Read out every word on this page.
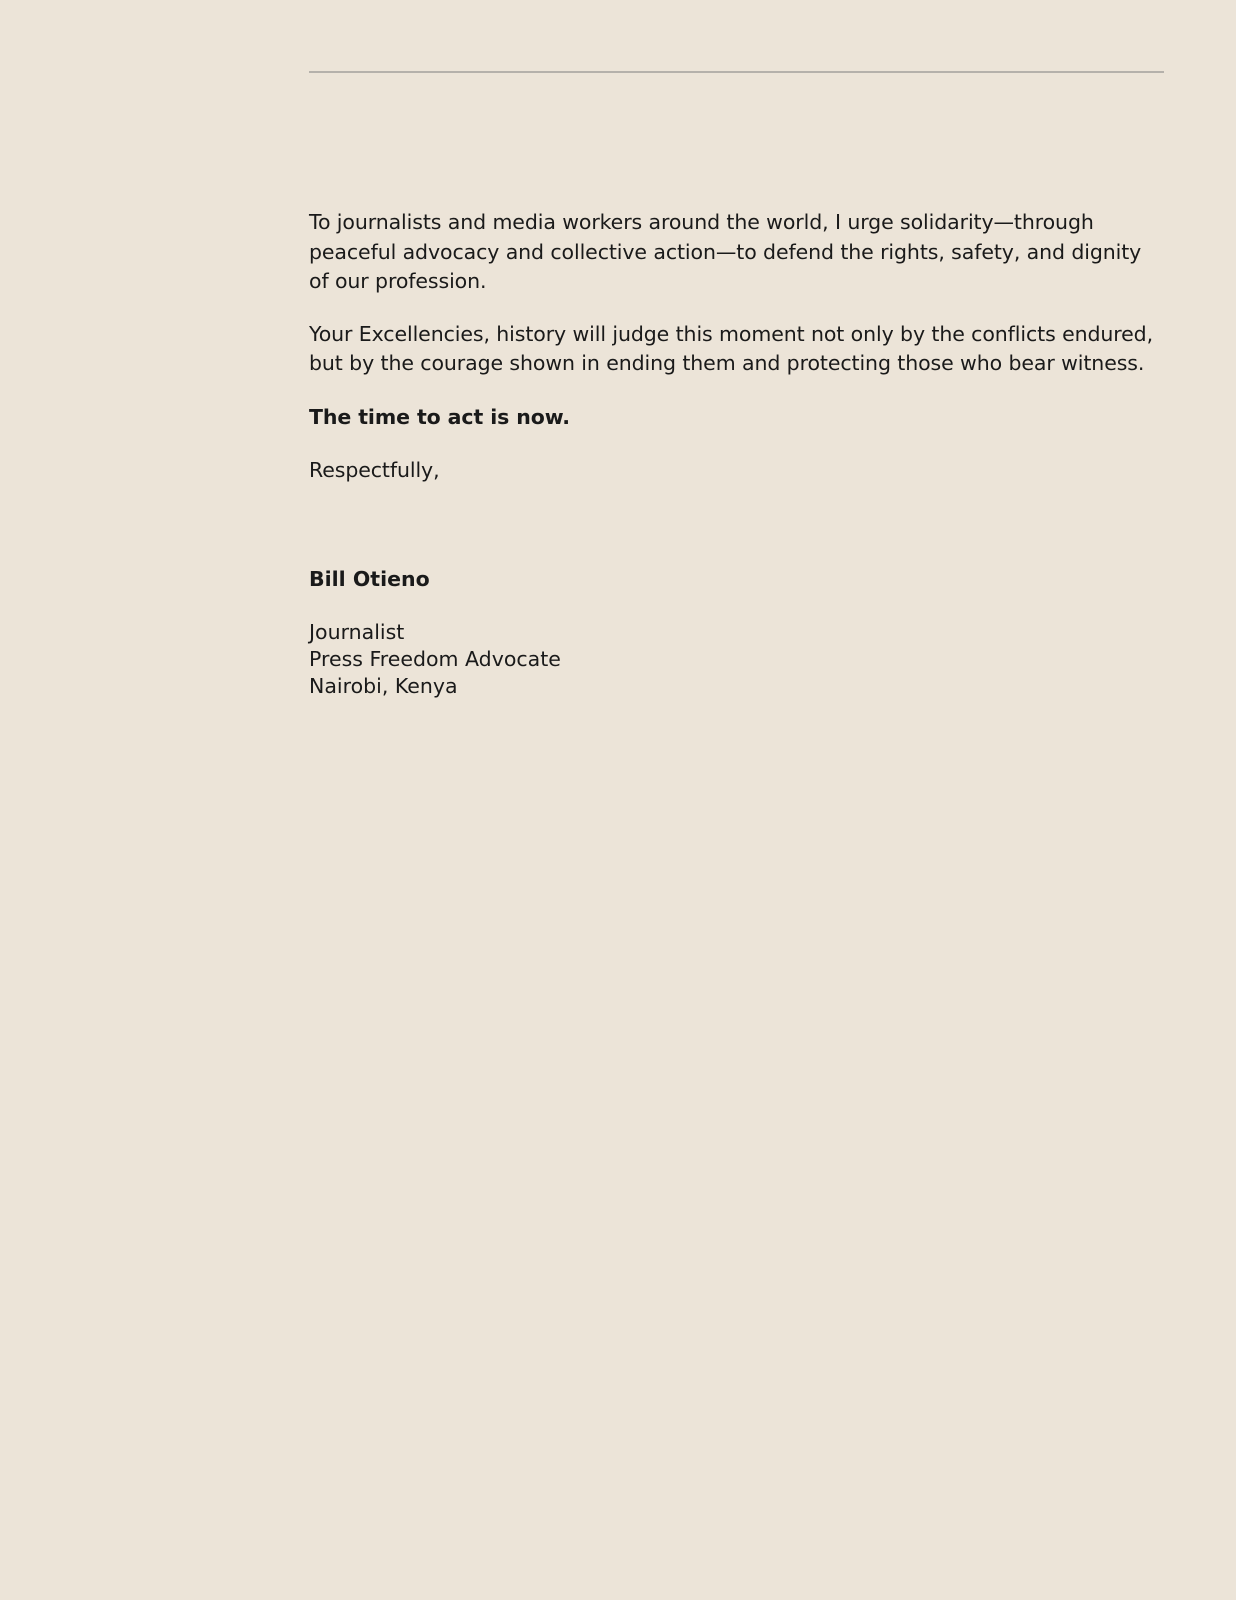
To journalists and media workers around the world, I urge solidarity—through peaceful advocacy and collective action—to defend the rights, safety, and dignity of our profession.

Your Excellencies, history will judge this moment not only by the conflicts endured, but by the courage shown in ending them and protecting those who bear witness.

The time to act is now.

Respectfully,

Bill Otieno

Journalist
Press Freedom Advocate
Nairobi, Kenya
